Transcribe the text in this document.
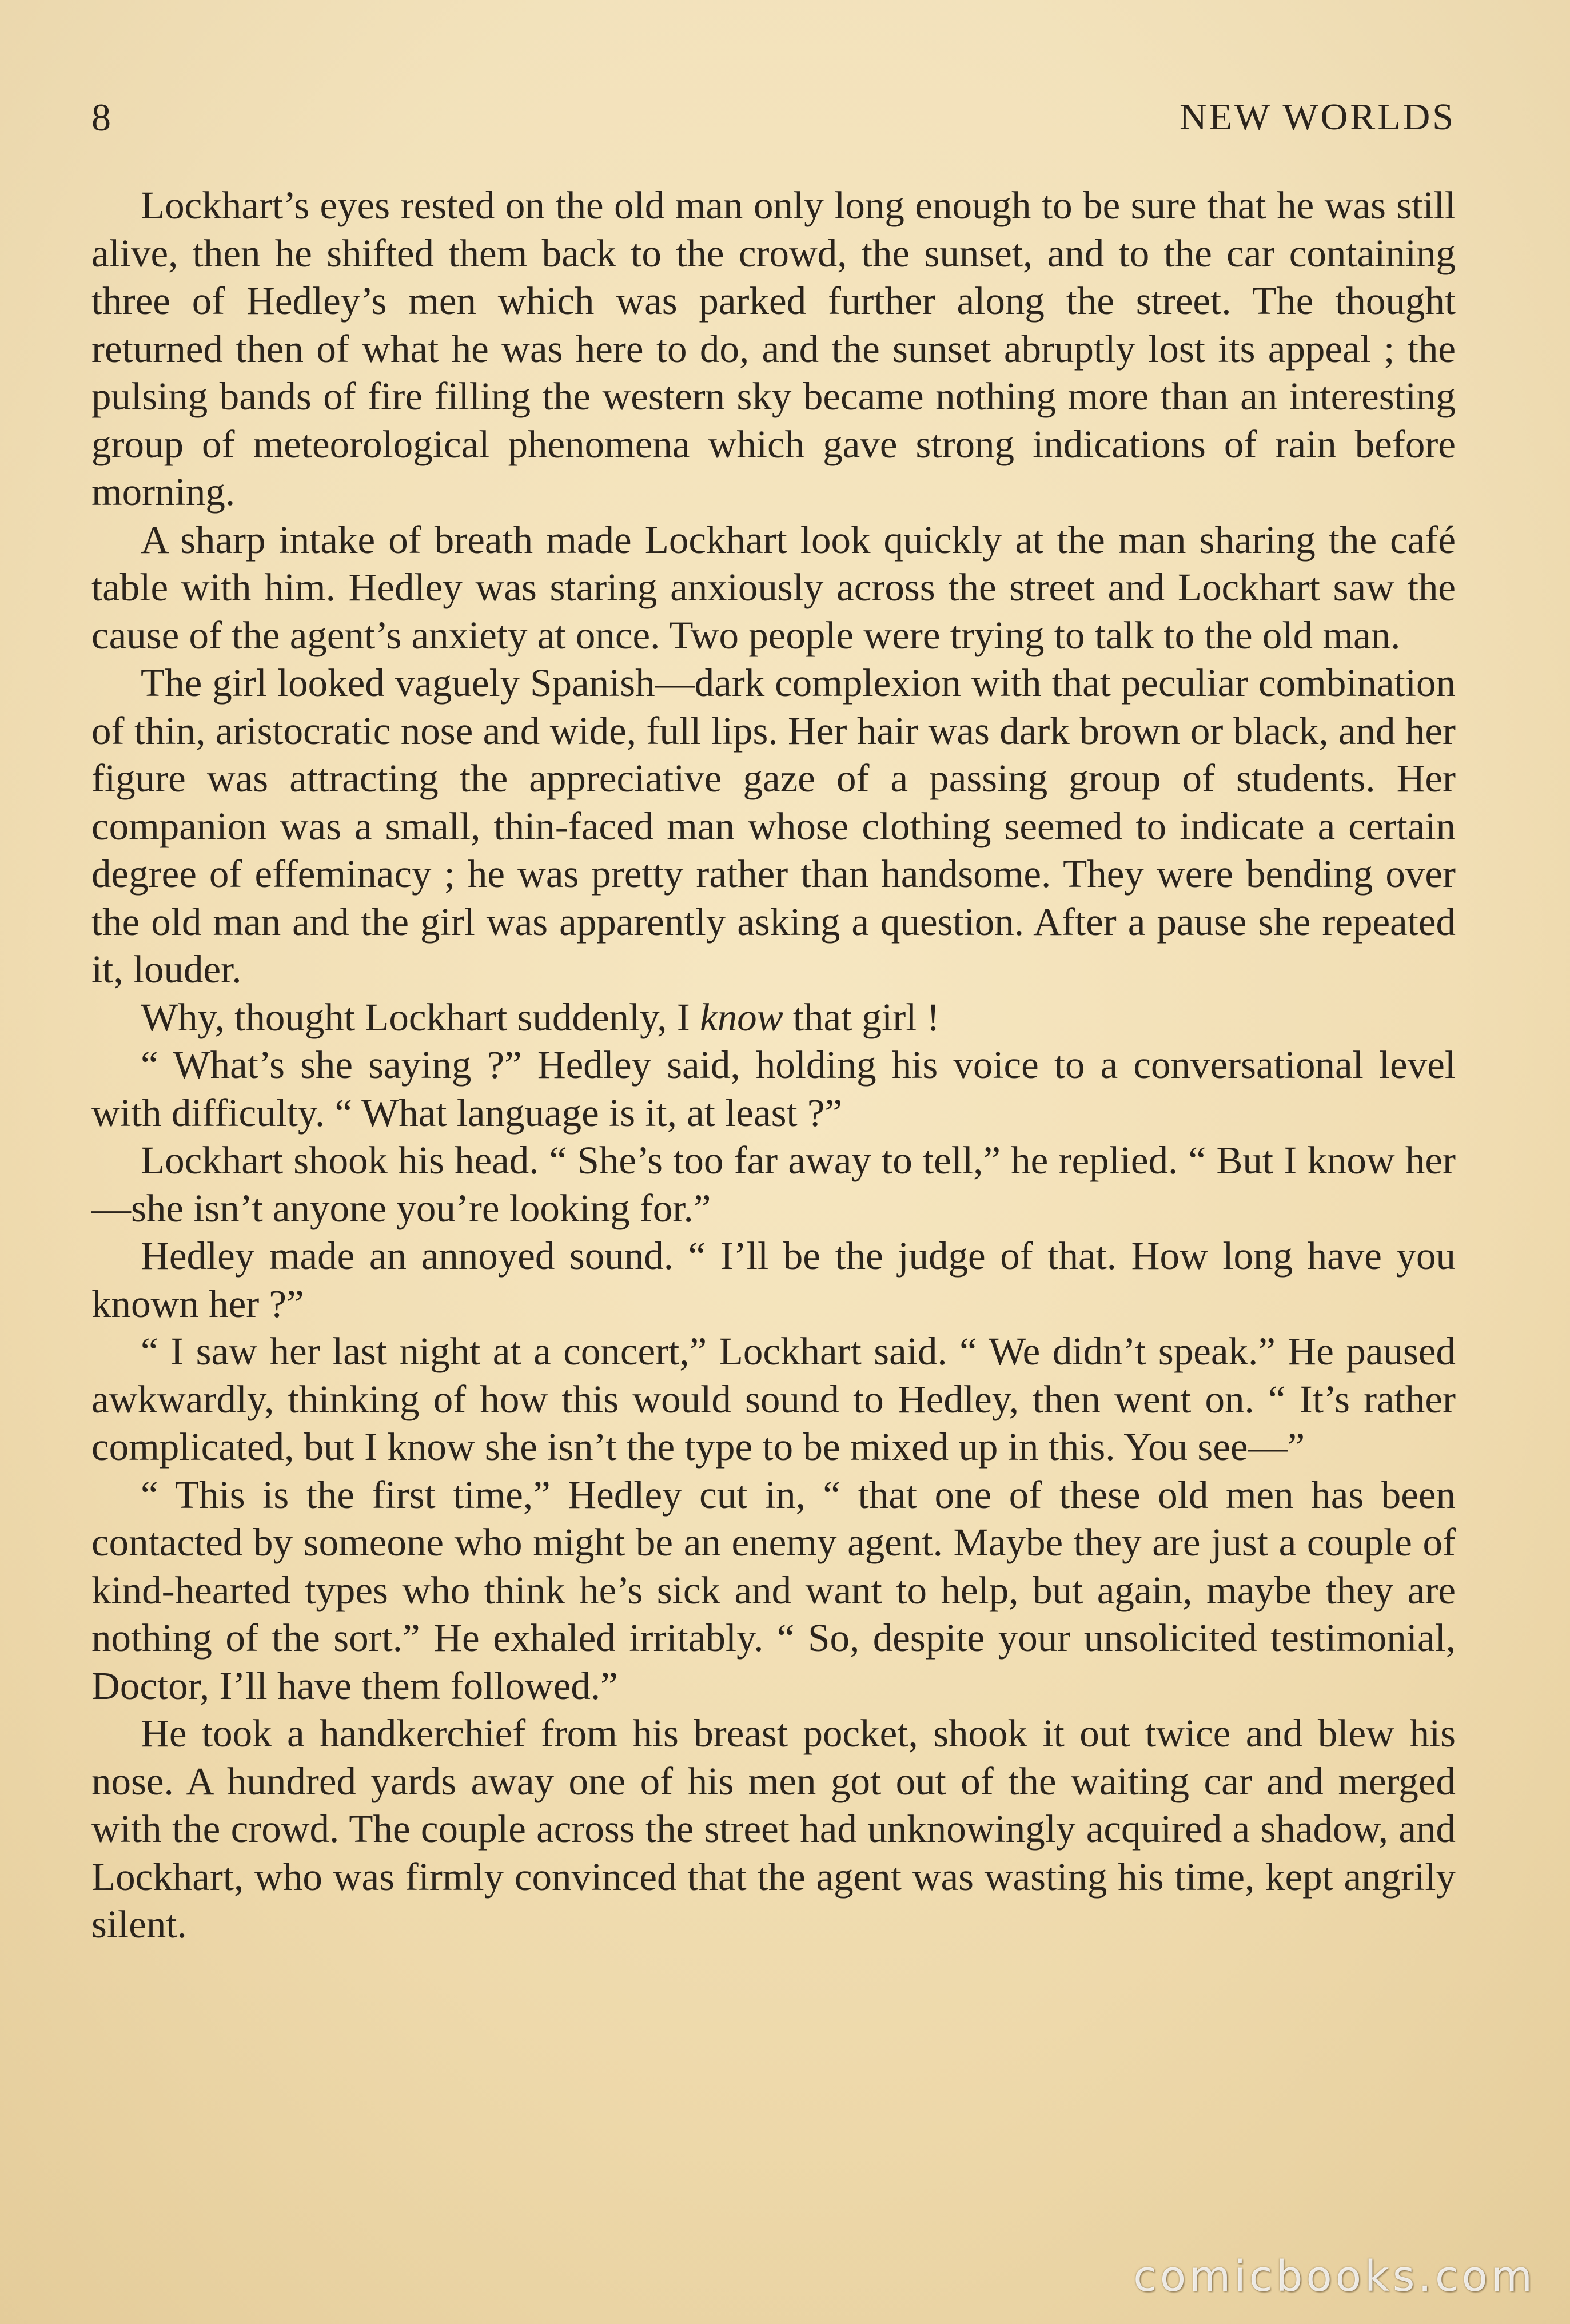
8	NEW WORLDS

Lockhart’s eyes rested on the old man only long enough to be sure that he was still alive, then he shifted them back to the crowd, the sunset, and to the car containing three of Hedley’s men which was parked further along the street. The thought returned then of what he was here to do, and the sunset abruptly lost its appeal ; the pulsing bands of fire filling the western sky became nothing more than an interesting group of meteorological phenomena which gave strong indications of rain before morning.

A sharp intake of breath made Lockhart look quickly at the man sharing the café table with him. Hedley was staring anxiously across the street and Lockhart saw the cause of the agent’s anxiety at once. Two people were trying to talk to the old man.

The girl looked vaguely Spanish—dark complexion with that peculiar combination of thin, aristocratic nose and wide, full lips. Her hair was dark brown or black, and her figure was attracting the appreciative gaze of a passing group of students. Her companion was a small, thin-faced man whose clothing seemed to indicate a certain degree of effeminacy ; he was pretty rather than handsome. They were bending over the old man and the girl was apparently asking a question. After a pause she repeated it, louder.

Why, thought Lockhart suddenly, I know that girl !

“ What’s she saying ?” Hedley said, holding his voice to a conversational level with difficulty. “ What language is it, at least ?”

Lockhart shook his head. “ She’s too far away to tell,” he replied. “ But I know her—she isn’t anyone you’re looking for.”

Hedley made an annoyed sound. “ I’ll be the judge of that. How long have you known her ?”

“ I saw her last night at a concert,” Lockhart said. “ We didn’t speak.” He paused awkwardly, thinking of how this would sound to Hedley, then went on. “ It’s rather complicated, but I know she isn’t the type to be mixed up in this. You see—”

“ This is the first time,” Hedley cut in, “ that one of these old men has been contacted by someone who might be an enemy agent. Maybe they are just a couple of kind-hearted types who think he’s sick and want to help, but again, maybe they are nothing of the sort.” He exhaled irritably. “ So, despite your unsolicited testimonial, Doctor, I’ll have them followed.”

He took a handkerchief from his breast pocket, shook it out twice and blew his nose. A hundred yards away one of his men got out of the waiting car and merged with the crowd. The couple across the street had unknowingly acquired a shadow, and Lockhart, who was firmly convinced that the agent was wasting his time, kept angrily silent.

comicbooks.com
